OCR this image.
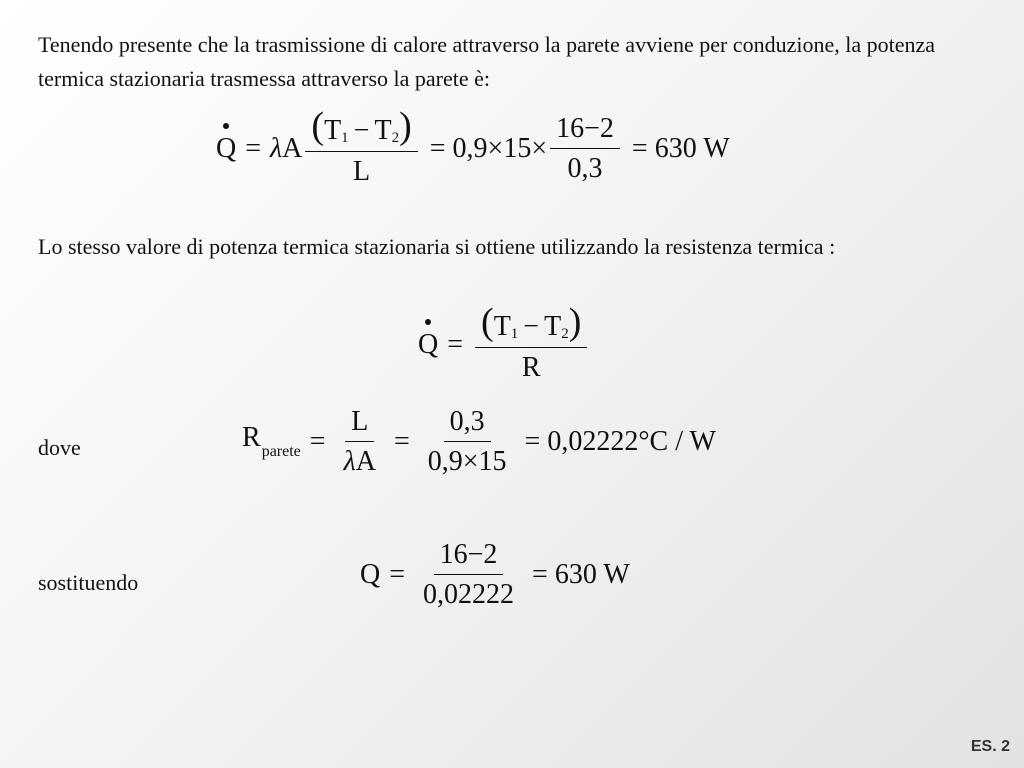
Tenendo presente che la trasmissione di calore attraverso la parete avviene per conduzione, la potenza termica stazionaria trasmessa attraverso la parete è:

Q = λ A $\frac{(T_1 - T_2)}{L} = 0,9\times 15\times \frac{16-2}{0,3} = 630$ W

Lo stesso valore di potenza termica stazionaria si ottiene utilizzando la resistenza termica :

$Q = \frac{(T_1 - T_2)}{R}$
dove	$R_{parete} = \frac{L}{\lambda A} = \frac{0,3}{0,9\times 15} = 0,02222^\circ C / W$
sostituendo	$Q = \frac{16-2}{0,02222} = 630$ W
ES. 2
